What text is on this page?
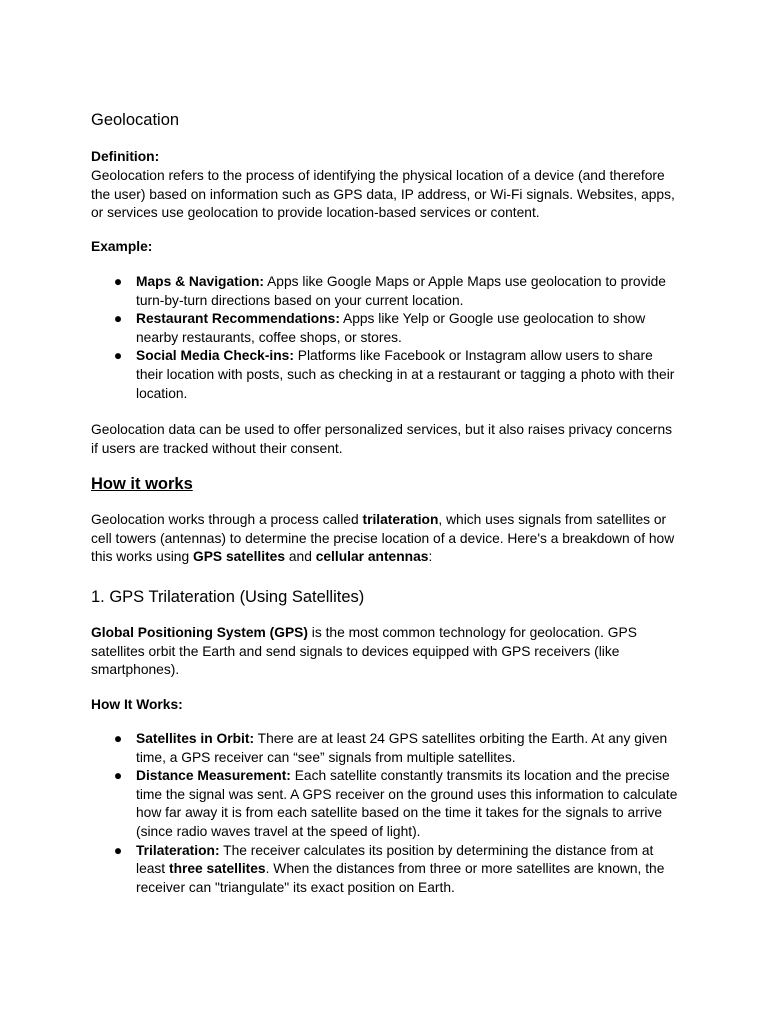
Geolocation

Definition:

Geolocation refers to the process of identifying the physical location of a device (and therefore the user) based on information such as GPS data, IP address, or Wi-Fi signals. Websites, apps, or services use geolocation to provide location-based services or content.

Example:

● Maps & Navigation: Apps like Google Maps or Apple Maps use geolocation to provide turn-by-turn directions based on your current location.
● Restaurant Recommendations: Apps like Yelp or Google use geolocation to show nearby restaurants, coffee shops, or stores.
● Social Media Check-ins: Platforms like Facebook or Instagram allow users to share their location with posts, such as checking in at a restaurant or tagging a photo with their location.

Geolocation data can be used to offer personalized services, but it also raises privacy concerns if users are tracked without their consent.

How it works

Geolocation works through a process called trilateration, which uses signals from satellites or cell towers (antennas) to determine the precise location of a device. Here's a breakdown of how this works using GPS satellites and cellular antennas:

1. GPS Trilateration (Using Satellites)

Global Positioning System (GPS) is the most common technology for geolocation. GPS satellites orbit the Earth and send signals to devices equipped with GPS receivers (like smartphones).

How It Works:

● Satellites in Orbit: There are at least 24 GPS satellites orbiting the Earth. At any given time, a GPS receiver can “see” signals from multiple satellites.
● Distance Measurement: Each satellite constantly transmits its location and the precise time the signal was sent. A GPS receiver on the ground uses this information to calculate how far away it is from each satellite based on the time it takes for the signals to arrive (since radio waves travel at the speed of light).
● Trilateration: The receiver calculates its position by determining the distance from at least three satellites. When the distances from three or more satellites are known, the receiver can "triangulate" its exact position on Earth.
